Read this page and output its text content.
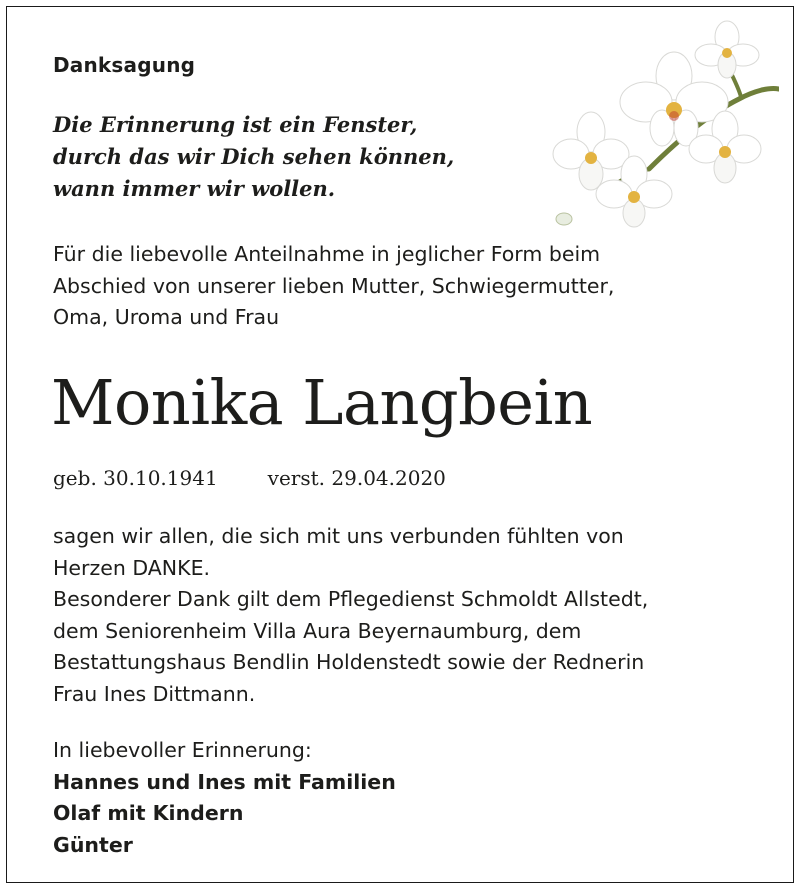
Danksagung
Die Erinnerung ist ein Fenster,
durch das wir Dich sehen können,
wann immer wir wollen.
Für die liebevolle Anteilnahme in jeglicher Form beim
Abschied von unserer lieben Mutter, Schwiegermutter,
Oma, Uroma und Frau
Monika Langbein
geb. 30.10.1941	verst. 29.04.2020
sagen wir allen, die sich mit uns verbunden fühlten von
Herzen DANKE.
Besonderer Dank gilt dem Pflegedienst Schmoldt Allstedt,
dem Seniorenheim Villa Aura Beyernaumburg, dem
Bestattungshaus Bendlin Holdenstedt sowie der Rednerin
Frau Ines Dittmann.
In liebevoller Erinnerung:
Hannes und Ines mit Familien
Olaf mit Kindern
Günter
